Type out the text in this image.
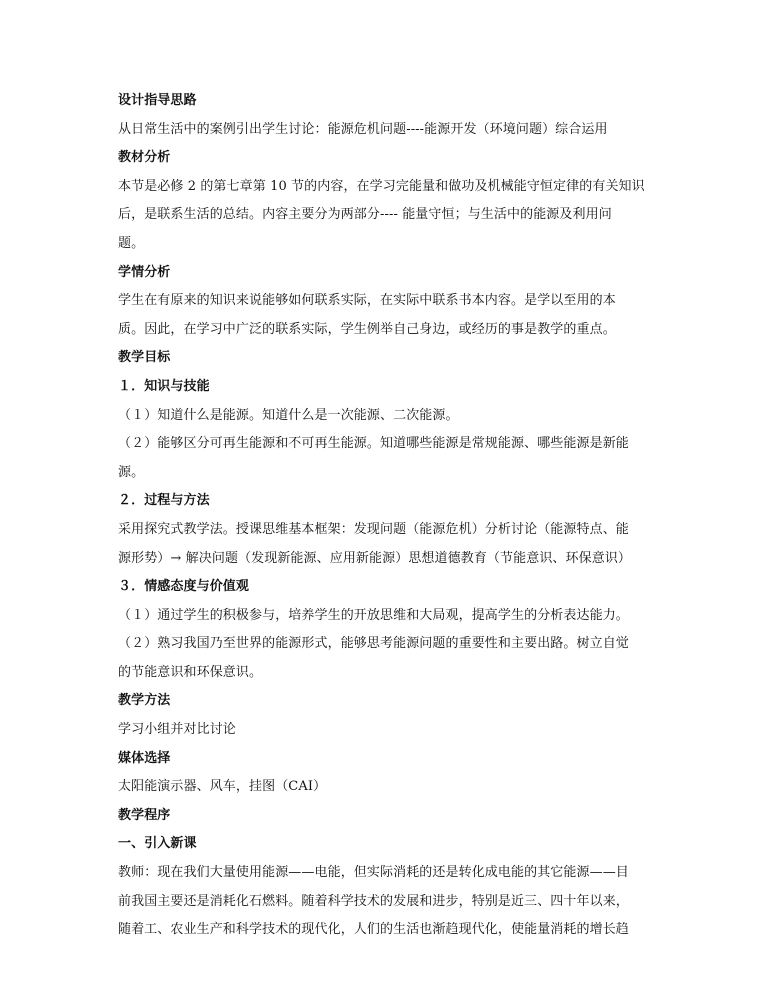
设计指导思路
从日常生活中的案例引出学生讨论：能源危机问题----能源开发（环境问题）综合运用
教材分析
本节是必修 2 的第七章第 10 节的内容，在学习完能量和做功及机械能守恒定律的有关知识
后，是联系生活的总结。内容主要分为两部分---- 能量守恒；与生活中的能源及利用问
题。
学情分析
学生在有原来的知识来说能够如何联系实际，在实际中联系书本内容。是学以至用的本
质。因此，在学习中广泛的联系实际，学生例举自己身边，或经历的事是教学的重点。
教学目标
１．知识与技能
（１）知道什么是能源。知道什么是一次能源、二次能源。
（２）能够区分可再生能源和不可再生能源。知道哪些能源是常规能源、哪些能源是新能
源。
２．过程与方法
采用探究式教学法。授课思维基本框架：发现问题（能源危机）分析讨论（能源特点、能
源形势）→ 解决问题（发现新能源、应用新能源）思想道德教育（节能意识、环保意识）
３．情感态度与价值观
（１）通过学生的积极参与，培养学生的开放思维和大局观，提高学生的分析表达能力。
（２）熟习我国乃至世界的能源形式，能够思考能源问题的重要性和主要出路。树立自觉
的节能意识和环保意识。
教学方法
学习小组并对比讨论
媒体选择
太阳能演示器、风车，挂图（CAI）
教学程序
一、引入新课
教师：现在我们大量使用能源——电能，但实际消耗的还是转化成电能的其它能源——目
前我国主要还是消耗化石燃料。随着科学技术的发展和进步，特别是近三、四十年以来，
随着工、农业生产和科学技术的现代化，人们的生活也渐趋现代化，使能量消耗的增长趋
